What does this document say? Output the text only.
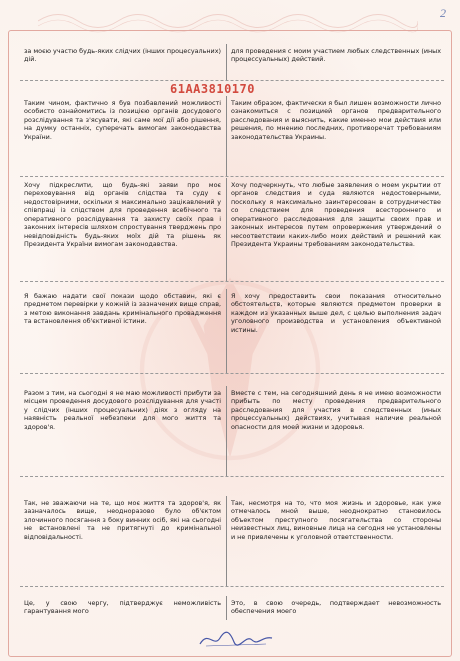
2
61АА3810170
за моєю участю будь-яких слідчих (інших процесуальних) дій.
для проведения с моим участием любых следственных (иных процессуальных) действий.
Таким чином, фактично я був позбавлений можливості особисто ознайомитись із позицією органів досудового розслідування та з'ясувати, які саме мої дії або рішення, на думку останніх, суперечать вимогам законодавства України.
Таким образом, фактически я был лишен возможности лично ознакомиться с позицией органов предварительного расследования и выяснить, какие именно мои действия или решения, по мнению последних, противоречат требованиям законодательства Украины.
Хочу підкреслити, що будь-які заяви про моє переховування від органів слідства та суду є недостовірними, оскільки я максимально зацікавлений у співпраці із слідством для проведення всебічного та оперативного розслідування та захисту своїх прав і законних інтересів шляхом спростування тверджень про невідповідність будь-яких моїх дій та рішень як Президента України вимогам законодавства.
Хочу подчеркнуть, что любые заявления о моем укрытии от органов следствия и суда являются недостоверными, поскольку я максимально заинтересован в сотрудничестве со следствием для проведения всестороннего и оперативного расследования для защиты своих прав и законных интересов путем опровержения утверждений о несоответствии каких-либо моих действий и решений как Президента Украины требованиям законодательства.
Я бажаю надати свої покази щодо обставин, які є предметом перевірки у кожній із зазначених вище справ, з метою виконання завдань кримінального провадження та встановлення об'єктивної істини.
Я хочу предоставить свои показания относительно обстоятельств, которые являются предметом проверки в каждом из указанных выше дел, с целью выполнения задач уголовного производства и установления объективной истины.
Разом з тим, на сьогодні я не маю можливості прибути за місцем проведення досудового розслідування для участі у слідчих (інших процесуальних) діях з огляду на наявність реальної небезпеки для мого життя та здоров'я.
Вместе с тем, на сегодняшний день я не имею возможности прибыть по месту проведения предварительного расследования для участия в следственных (иных процессуальных) действиях, учитывая наличие реальной опасности для моей жизни и здоровья.
Так, не зважаючи на те, що моє життя та здоров'я, як зазначалось вище, неодноразово було об'єктом злочинного посягання з боку винних осіб, які на сьогодні не встановлені та не притягнуті до кримінальної відповідальності.
Так, несмотря на то, что моя жизнь и здоровье, как уже отмечалось мной выше, неоднократно становилось объектом преступного посягательства со стороны неизвестных лиц, виновные лица на сегодня не установлены и не привлечены к уголовной ответственности.
Це, у свою чергу, підтверджує неможливість гарантування мого
Это, в свою очередь, подтверждает невозможность обеспечения моего
